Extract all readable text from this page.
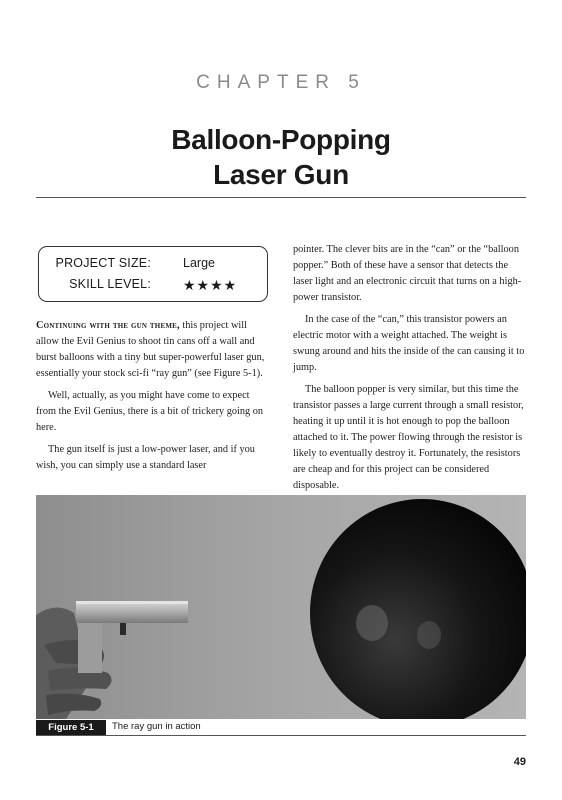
CHAPTER 5
Balloon-Popping
Laser Gun
PROJECT SIZE:	Large
SKILL LEVEL: ★★★★

Continuing with the gun theme, this project will allow the Evil Genius to shoot tin cans off a wall and burst balloons with a tiny but super-powerful laser gun, essentially your stock sci-fi “ray gun” (see Figure 5-1).

Well, actually, as you might have come to expect from the Evil Genius, there is a bit of trickery going on here.

The gun itself is just a low-power laser, and if you wish, you can simply use a standard laser

pointer. The clever bits are in the “can” or the “balloon popper.” Both of these have a sensor that detects the laser light and an electronic circuit that turns on a high-power transistor.

In the case of the “can,” this transistor powers an electric motor with a weight attached. The weight is swung around and hits the inside of the can causing it to jump.

The balloon popper is very similar, but this time the transistor passes a large current through a small resistor, heating it up until it is hot enough to pop the balloon attached to it. The power flowing through the resistor is likely to eventually destroy it. Fortunately, the resistors are cheap and for this project can be considered disposable.

Figure 5-1	The ray gun in action
49
